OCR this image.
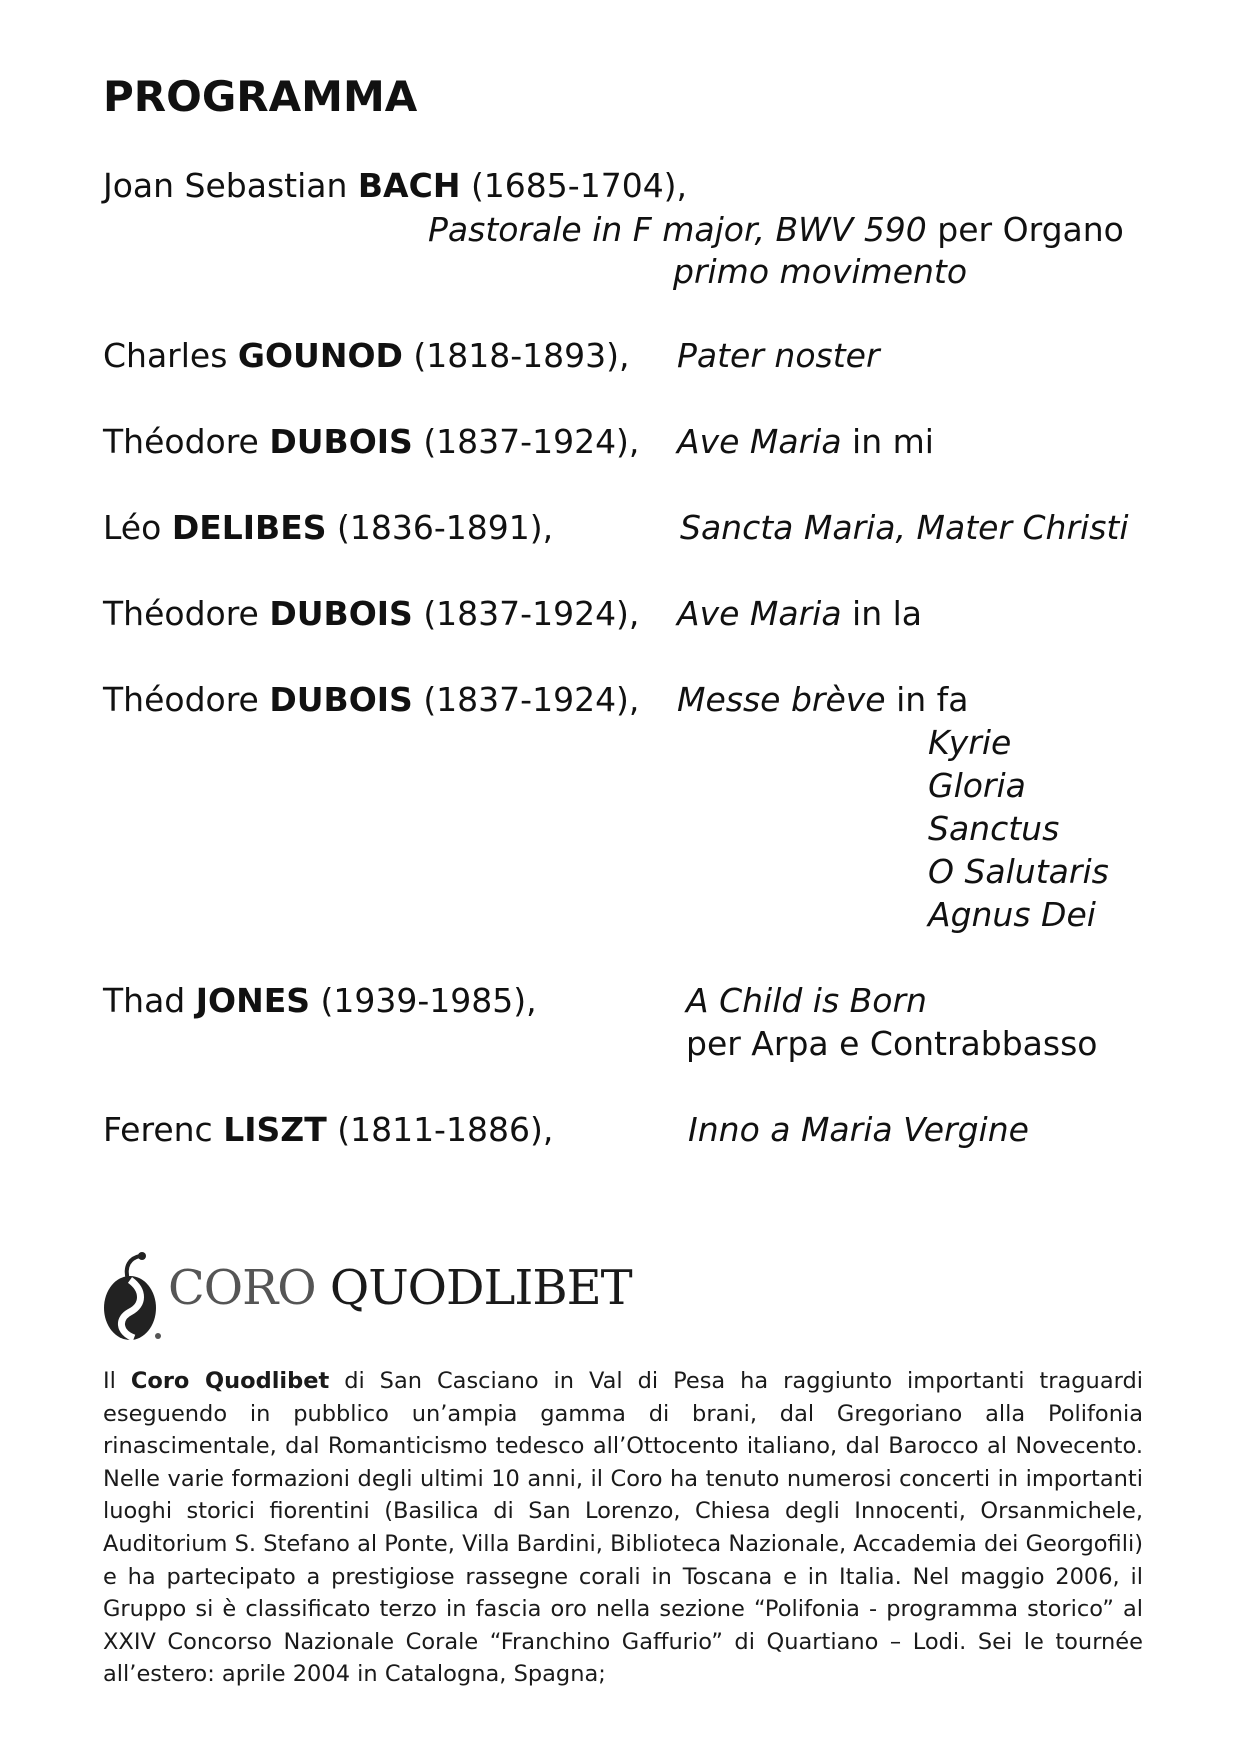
PROGRAMMA
Joan Sebastian BACH (1685-1704),
Pastorale in F major, BWV 590 per Organo
primo movimento
Charles GOUNOD (1818-1893), Pater noster
Théodore DUBOIS (1837-1924), Ave Maria in mi
Léo DELIBES (1836-1891),	Sancta Maria, Mater Christi
Théodore DUBOIS (1837-1924), Ave Maria in la
Théodore DUBOIS (1837-1924), Messe brève in fa
Kyrie
Gloria
Sanctus
O Salutaris
Agnus Dei
Thad JONES (1939-1985),	A Child is Born
per Arpa e Contrabbasso
Ferenc LISZT (1811-1886),	Inno a Maria Vergine
CORO QUODLIBET
Il Coro Quodlibet di San Casciano in Val di Pesa ha raggiunto importanti traguardi eseguendo in pubblico un’ampia gamma di brani, dal Gregoriano alla Polifonia rinascimentale, dal Romanticismo tedesco all’Ottocento italiano, dal Barocco al Novecento. Nelle varie formazioni degli ultimi 10 anni, il Coro ha tenuto numerosi concerti in importanti luoghi storici fiorentini (Basilica di San Lorenzo, Chiesa degli Innocenti, Orsanmichele, Auditorium S. Stefano al Ponte, Villa Bardini, Biblioteca Nazionale, Accademia dei Georgofili) e ha partecipato a prestigiose rassegne corali in Toscana e in Italia. Nel maggio 2006, il Gruppo si è classificato terzo in fascia oro nella sezione “Polifonia - programma storico” al XXIV Concorso Nazionale Corale “Franchino Gaffurio” di Quartiano – Lodi. Sei le tournée all’estero: aprile 2004 in Catalogna, Spagna;
